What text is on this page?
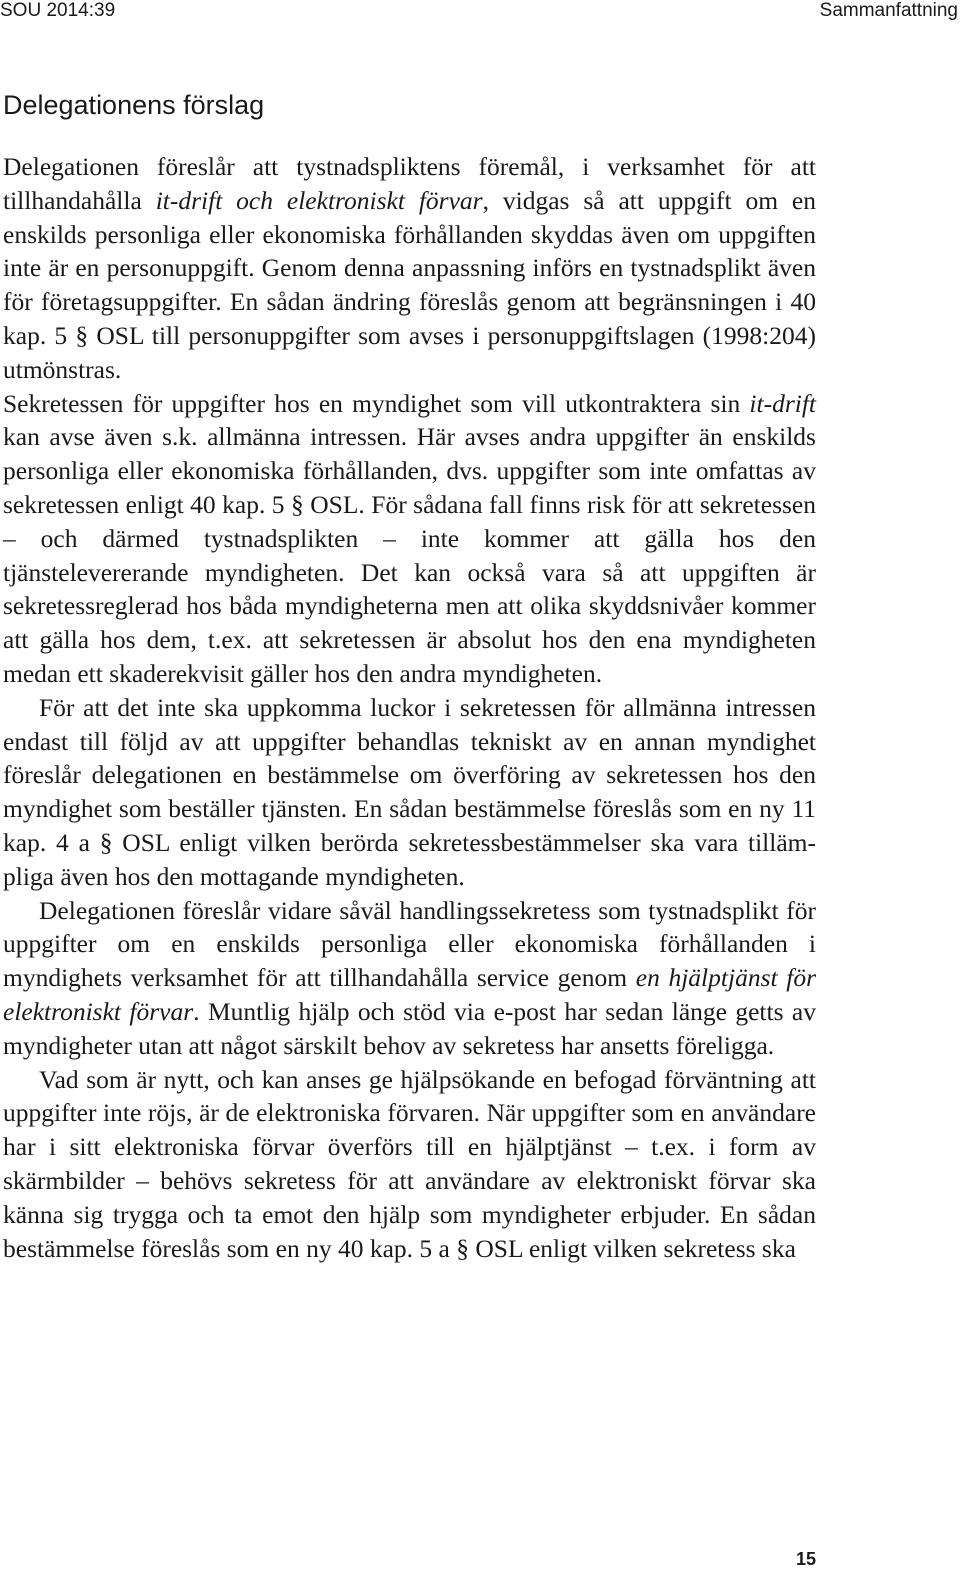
SOU 2014:39	Sammanfattning
Delegationens förslag

Delegationen föreslår att tystnadspliktens föremål, i verksamhet för att tillhandahålla it-drift och elektroniskt förvar, vidgas så att uppgift om en enskilds personliga eller ekonomiska förhållanden skyddas även om uppgiften inte är en personuppgift. Genom denna anpassning införs en tystnadsplikt även för företagsuppgifter. En sådan ändring föreslås genom att begränsningen i 40 kap. 5 § OSL till personuppgifter som avses i personuppgiftslagen (1998:204) utmönstras.

Sekretessen för uppgifter hos en myndighet som vill utkontraktera sin it-drift kan avse även s.k. allmänna intressen. Här avses andra uppgifter än enskilds personliga eller ekonomiska förhållanden, dvs. uppgifter som inte omfattas av sekretessen enligt 40 kap. 5 § OSL. För sådana fall finns risk för att sekretessen – och därmed tystnadsplikten – inte kommer att gälla hos den tjänstelevererande myndigheten. Det kan också vara så att uppgiften är sekretessreglerad hos båda myndigheterna men att olika skyddsnivåer kommer att gälla hos dem, t.ex. att sekretessen är absolut hos den ena myndigheten medan ett skaderekvisit gäller hos den andra myndigheten.

För att det inte ska uppkomma luckor i sekretessen för allmänna intressen endast till följd av att uppgifter behandlas tekniskt av en annan myndighet föreslår delegationen en bestämmelse om överföring av sekretessen hos den myndighet som beställer tjänsten. En sådan bestämmelse föreslås som en ny 11 kap. 4 a § OSL enligt vilken berörda sekretessbestämmelser ska vara tillämpliga även hos den mottagande myndigheten.

Delegationen föreslår vidare såväl handlingssekretess som tystnadsplikt för uppgifter om en enskilds personliga eller ekonomiska förhållanden i myndighets verksamhet för att tillhandahålla service genom en hjälptjänst för elektroniskt förvar. Muntlig hjälp och stöd via e-post har sedan länge getts av myndigheter utan att något särskilt behov av sekretess har ansetts föreligga.

Vad som är nytt, och kan anses ge hjälpsökande en befogad förväntning att uppgifter inte röjs, är de elektroniska förvaren. När uppgifter som en användare har i sitt elektroniska förvar överförs till en hjälptjänst – t.ex. i form av skärmbilder – behövs sekretess för att användare av elektroniskt förvar ska känna sig trygga och ta emot den hjälp som myndigheter erbjuder. En sådan bestämmelse föreslås som en ny 40 kap. 5 a § OSL enligt vilken sekretess ska

15
